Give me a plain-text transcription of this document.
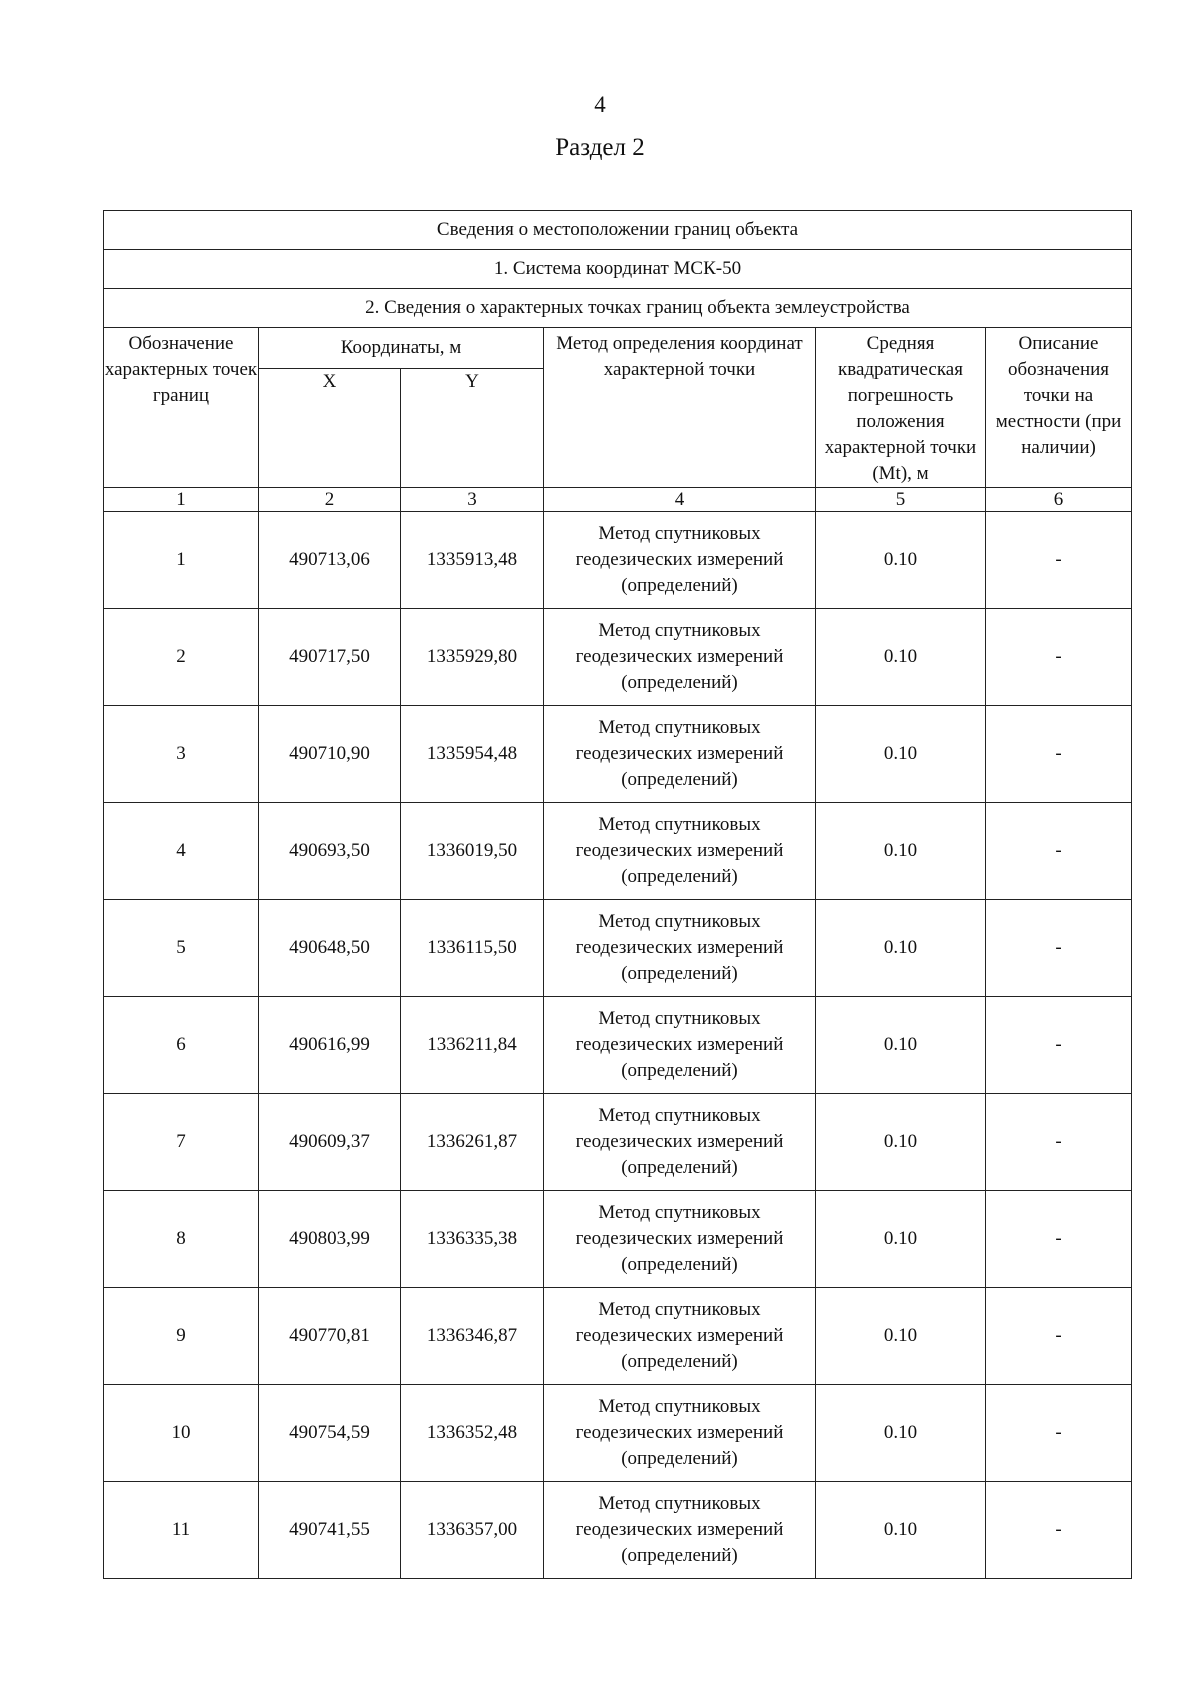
4
Раздел 2
Сведения о местоположении границ объекта					
1. Система координат МСК-50					
2. Сведения о характерных точках границ объекта землеустройства					
Обозначение характерных точек границ	Координаты, м		Метод определения координат характерной точки	Средняя квадратическая погрешность положения характерной точки (Mt), м	Описание обозначения точки на местности (при наличии)
	X	Y			
1	2	3	4	5	6
1	490713,06	1335913,48	Метод спутниковых
геодезических измерений
(определений)	0.10	-
2	490717,50	1335929,80	Метод спутниковых
геодезических измерений
(определений)	0.10	-
3	490710,90	1335954,48	Метод спутниковых
геодезических измерений
(определений)	0.10	-
4	490693,50	1336019,50	Метод спутниковых
геодезических измерений
(определений)	0.10	-
5	490648,50	1336115,50	Метод спутниковых
геодезических измерений
(определений)	0.10	-
6	490616,99	1336211,84	Метод спутниковых
геодезических измерений
(определений)	0.10	-
7	490609,37	1336261,87	Метод спутниковых
геодезических измерений
(определений)	0.10	-
8	490803,99	1336335,38	Метод спутниковых
геодезических измерений
(определений)	0.10	-
9	490770,81	1336346,87	Метод спутниковых
геодезических измерений
(определений)	0.10	-
10	490754,59	1336352,48	Метод спутниковых
геодезических измерений
(определений)	0.10	-
11	490741,55	1336357,00	Метод спутниковых
геодезических измерений
(определений)	0.10	-
